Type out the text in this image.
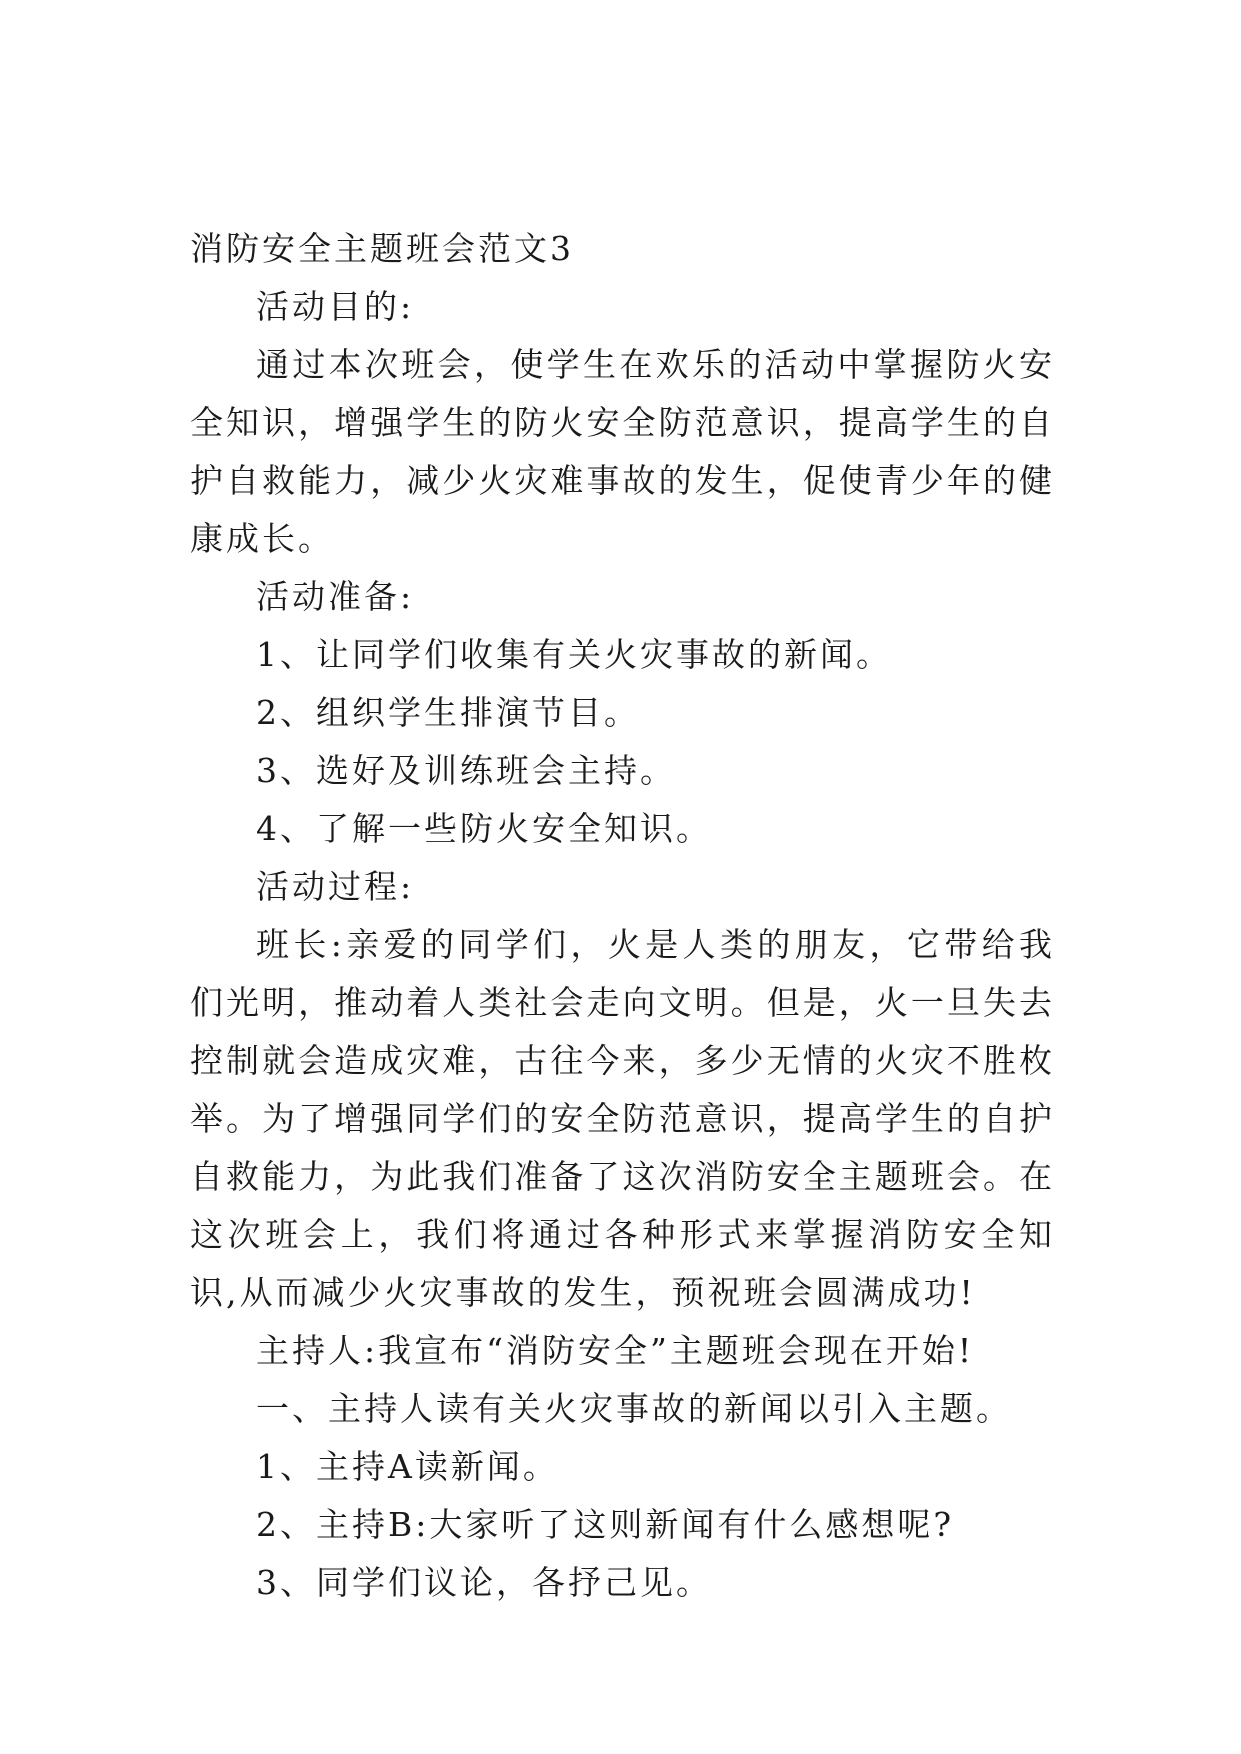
消防安全主题班会范文3

活动目的:

通过本次班会，使学生在欢乐的活动中掌握防火安全知识，增强学生的防火安全防范意识，提高学生的自护自救能力，减少火灾难事故的发生，促使青少年的健康成长。

活动准备:

1、让同学们收集有关火灾事故的新闻。

2、组织学生排演节目。

3、选好及训练班会主持。

4、了解一些防火安全知识。

活动过程:

班长:亲爱的同学们，火是人类的朋友，它带给我们光明，推动着人类社会走向文明。但是，火一旦失去控制就会造成灾难，古往今来，多少无情的火灾不胜枚举。为了增强同学们的安全防范意识，提高学生的自护自救能力，为此我们准备了这次消防安全主题班会。在这次班会上，我们将通过各种形式来掌握消防安全知识,从而减少火灾事故的发生，预祝班会圆满成功!

主持人:我宣布“消防安全”主题班会现在开始!

一、主持人读有关火灾事故的新闻以引入主题。

1、主持A读新闻。

2、主持B:大家听了这则新闻有什么感想呢?

3、同学们议论，各抒己见。
